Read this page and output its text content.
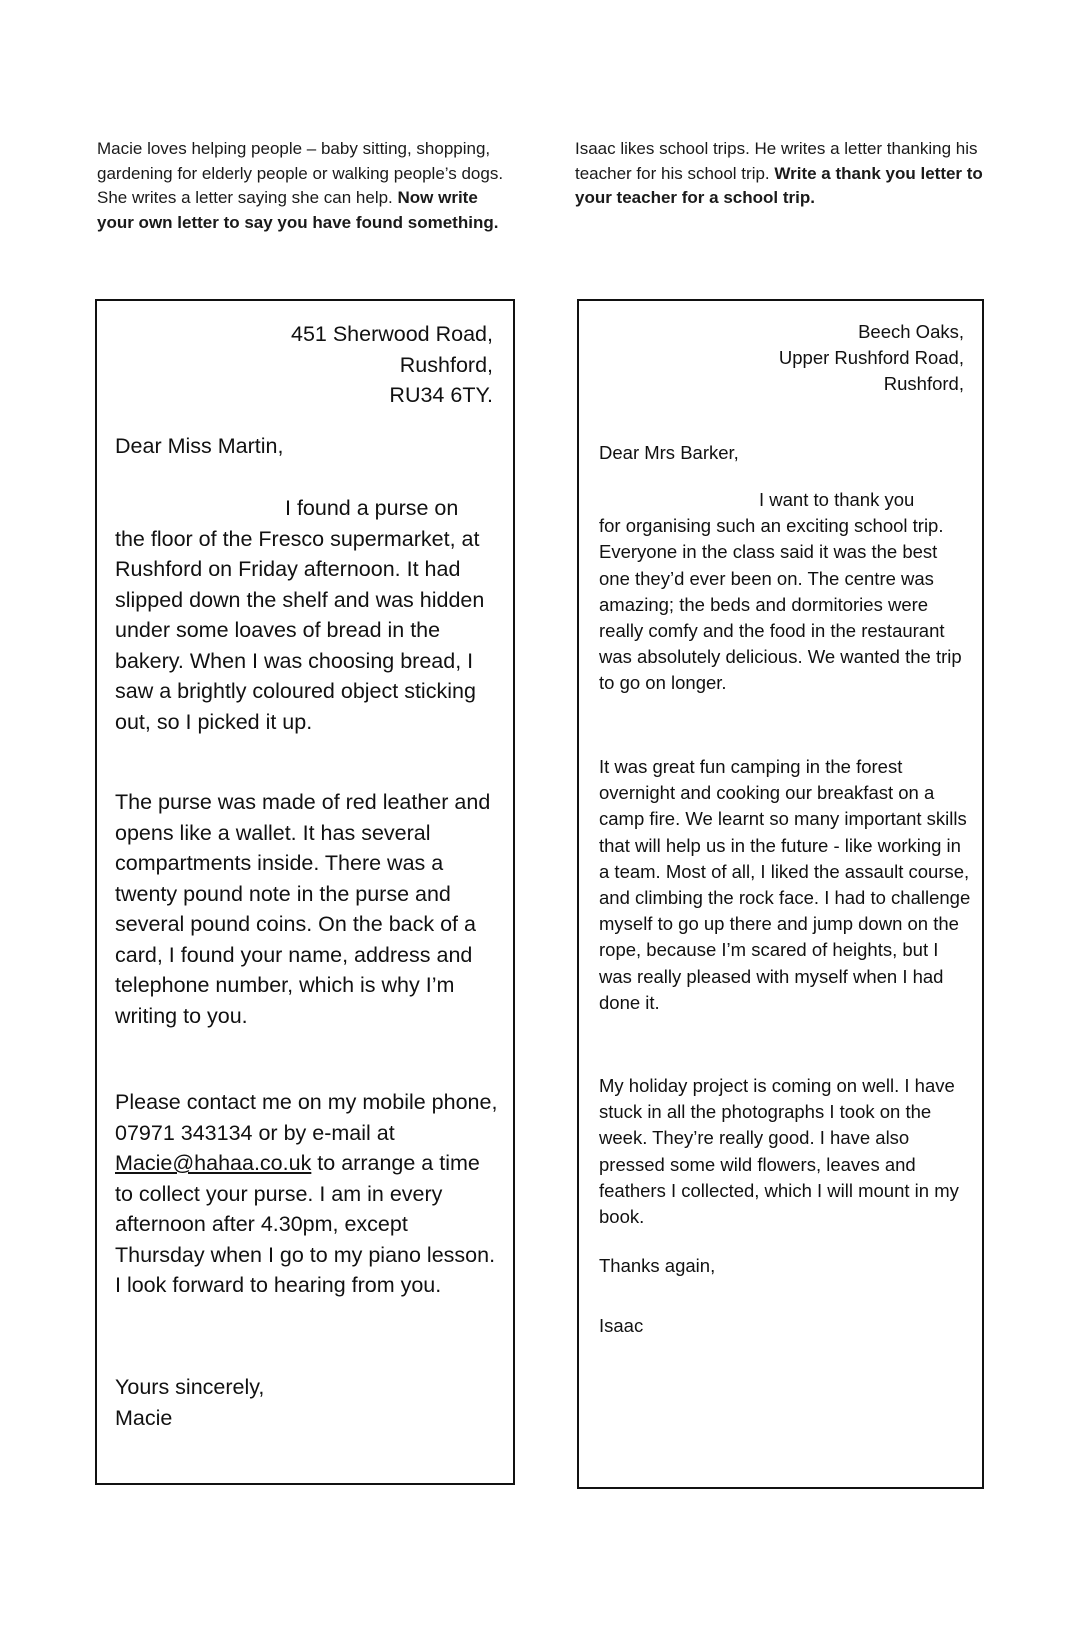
Macie loves helping people – baby sitting, shopping, gardening for elderly people or walking people’s dogs. She writes a letter saying she can help. Now write your own letter to say you have found something.
Isaac likes school trips. He writes a letter thanking his teacher for his school trip. Write a thank you letter to your teacher for a school trip.
451 Sherwood Road,
Rushford,
RU34 6TY.
Dear Miss Martin,
I found a purse on
the floor of the Fresco supermarket, at Rushford on Friday afternoon. It had slipped down the shelf and was hidden under some loaves of bread in the bakery. When I was choosing bread, I saw a brightly coloured object sticking out, so I picked it up.
The purse was made of red leather and opens like a wallet. It has several compartments inside. There was a twenty pound note in the purse and several pound coins. On the back of a card, I found your name, address and telephone number, which is why I’m writing to you.
Please contact me on my mobile phone, 07971 343134 or by e-mail at Macie@hahaa.co.uk to arrange a time to collect your purse. I am in every afternoon after 4.30pm, except Thursday when I go to my piano lesson. I look forward to hearing from you.
Yours sincerely,
Macie
Beech Oaks,
Upper Rushford Road,
Rushford,
Dear Mrs Barker,
I want to thank you
for organising such an exciting school trip. Everyone in the class said it was the best one they’d ever been on. The centre was amazing; the beds and dormitories were really comfy and the food in the restaurant was absolutely delicious. We wanted the trip to go on longer.
It was great fun camping in the forest overnight and cooking our breakfast on a camp fire. We learnt so many important skills that will help us in the future - like working in a team. Most of all, I liked the assault course, and climbing the rock face. I had to challenge myself to go up there and jump down on the rope, because I’m scared of heights, but I was really pleased with myself when I had done it.
My holiday project is coming on well. I have stuck in all the photographs I took on the week. They’re really good. I have also pressed some wild flowers, leaves and feathers I collected, which I will mount in my book.
Thanks again,
Isaac
